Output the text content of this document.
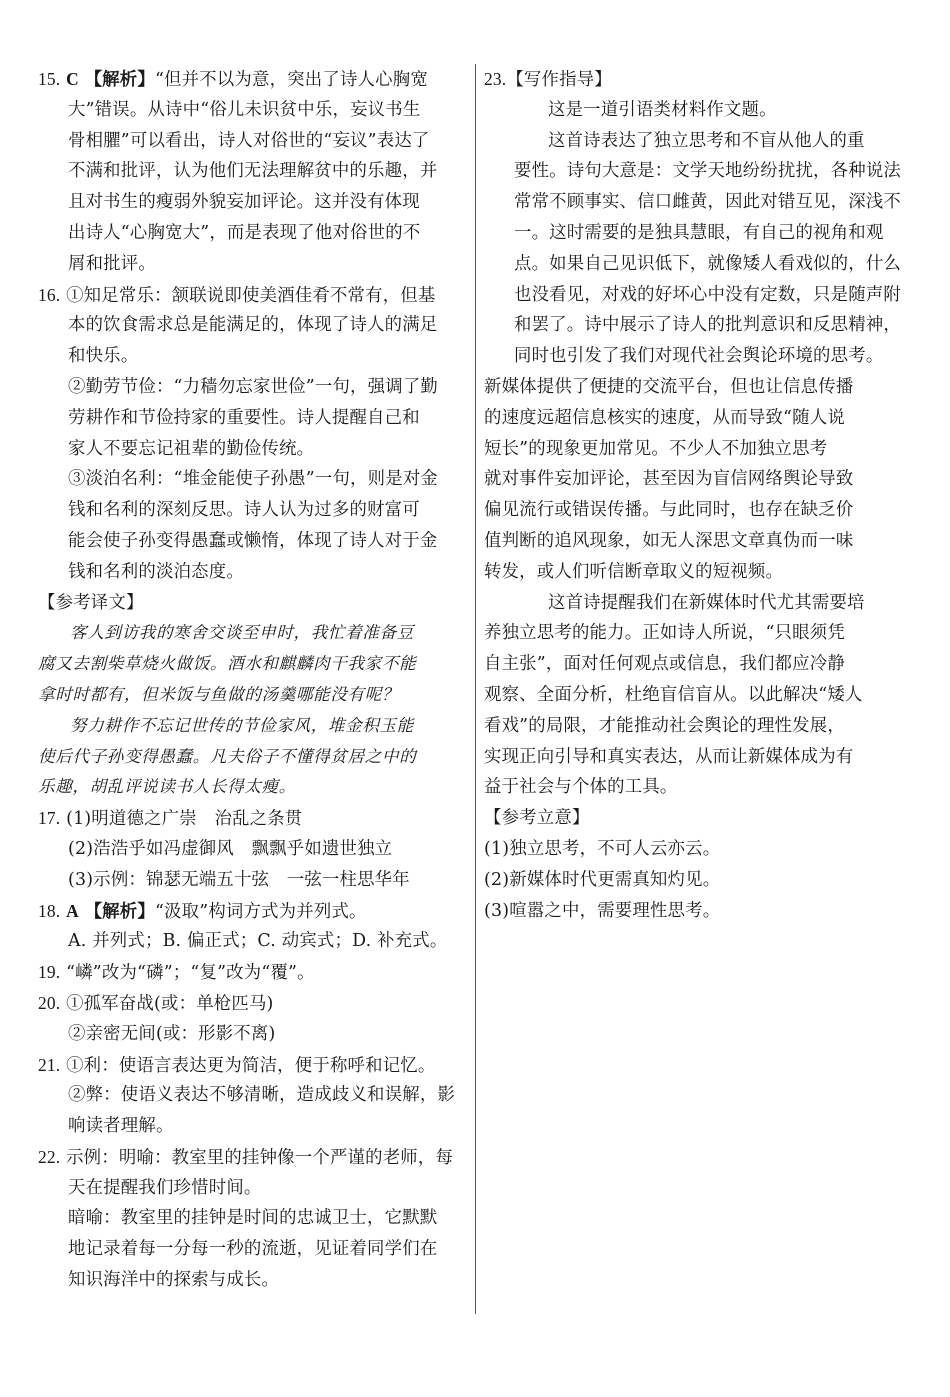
15. C 【解析】“但并不以为意，突出了诗人心胸宽
大”错误。从诗中“俗儿未识贫中乐，妄议书生
骨相臞”可以看出，诗人对俗世的“妄议”表达了
不满和批评，认为他们无法理解贫中的乐趣，并
且对书生的瘦弱外貌妄加评论。这并没有体现
出诗人“心胸宽大”，而是表现了他对俗世的不
屑和批评。
16. ①知足常乐：颔联说即使美酒佳肴不常有，但基
本的饮食需求总是能满足的，体现了诗人的满足
和快乐。
②勤劳节俭：“力穑勿忘家世俭”一句，强调了勤
劳耕作和节俭持家的重要性。诗人提醒自己和
家人不要忘记祖辈的勤俭传统。
③淡泊名利：“堆金能使子孙愚”一句，则是对金
钱和名利的深刻反思。诗人认为过多的财富可
能会使子孙变得愚蠢或懒惰，体现了诗人对于金
钱和名利的淡泊态度。
【参考译文】
客人到访我的寒舍交谈至申时，我忙着准备豆
腐又去割柴草烧火做饭。酒水和麒麟肉干我家不能
拿时时都有，但米饭与鱼做的汤羹哪能没有呢？
努力耕作不忘记世传的节俭家风，堆金积玉能
使后代子孙变得愚蠢。凡夫俗子不懂得贫居之中的
乐趣，胡乱评说读书人长得太瘦。
17. (1)明道德之广崇　治乱之条贯
(2)浩浩乎如冯虚御风　飘飘乎如遗世独立
(3)示例：锦瑟无端五十弦　一弦一柱思华年
18. A 【解析】“汲取”构词方式为并列式。
A. 并列式；B. 偏正式；C. 动宾式；D. 补充式。
19. “嶙”改为“磷”；“复”改为“覆”。
20. ①孤军奋战(或：单枪匹马)
②亲密无间(或：形影不离)
21. ①利：使语言表达更为简洁，便于称呼和记忆。
②弊：使语义表达不够清晰，造成歧义和误解，影
响读者理解。
22. 示例：明喻：教室里的挂钟像一个严谨的老师，每
天在提醒我们珍惜时间。
暗喻：教室里的挂钟是时间的忠诚卫士，它默默
地记录着每一分每一秒的流逝，见证着同学们在
知识海洋中的探索与成长。
23.【写作指导】
这是一道引语类材料作文题。
这首诗表达了独立思考和不盲从他人的重
要性。诗句大意是：文学天地纷纷扰扰，各种说法
常常不顾事实、信口雌黄，因此对错互见，深浅不
一。这时需要的是独具慧眼，有自己的视角和观
点。如果自己见识低下，就像矮人看戏似的，什么
也没看见，对戏的好坏心中没有定数，只是随声附
和罢了。诗中展示了诗人的批判意识和反思精神，
同时也引发了我们对现代社会舆论环境的思考。
新媒体提供了便捷的交流平台，但也让信息传播
的速度远超信息核实的速度，从而导致“随人说
短长”的现象更加常见。不少人不加独立思考
就对事件妄加评论，甚至因为盲信网络舆论导致
偏见流行或错误传播。与此同时，也存在缺乏价
值判断的追风现象，如无人深思文章真伪而一味
转发，或人们听信断章取义的短视频。
这首诗提醒我们在新媒体时代尤其需要培
养独立思考的能力。正如诗人所说，“只眼须凭
自主张”，面对任何观点或信息，我们都应冷静
观察、全面分析，杜绝盲信盲从。以此解决“矮人
看戏”的局限，才能推动社会舆论的理性发展，
实现正向引导和真实表达，从而让新媒体成为有
益于社会与个体的工具。
【参考立意】
(1)独立思考，不可人云亦云。
(2)新媒体时代更需真知灼见。
(3)喧嚣之中，需要理性思考。
